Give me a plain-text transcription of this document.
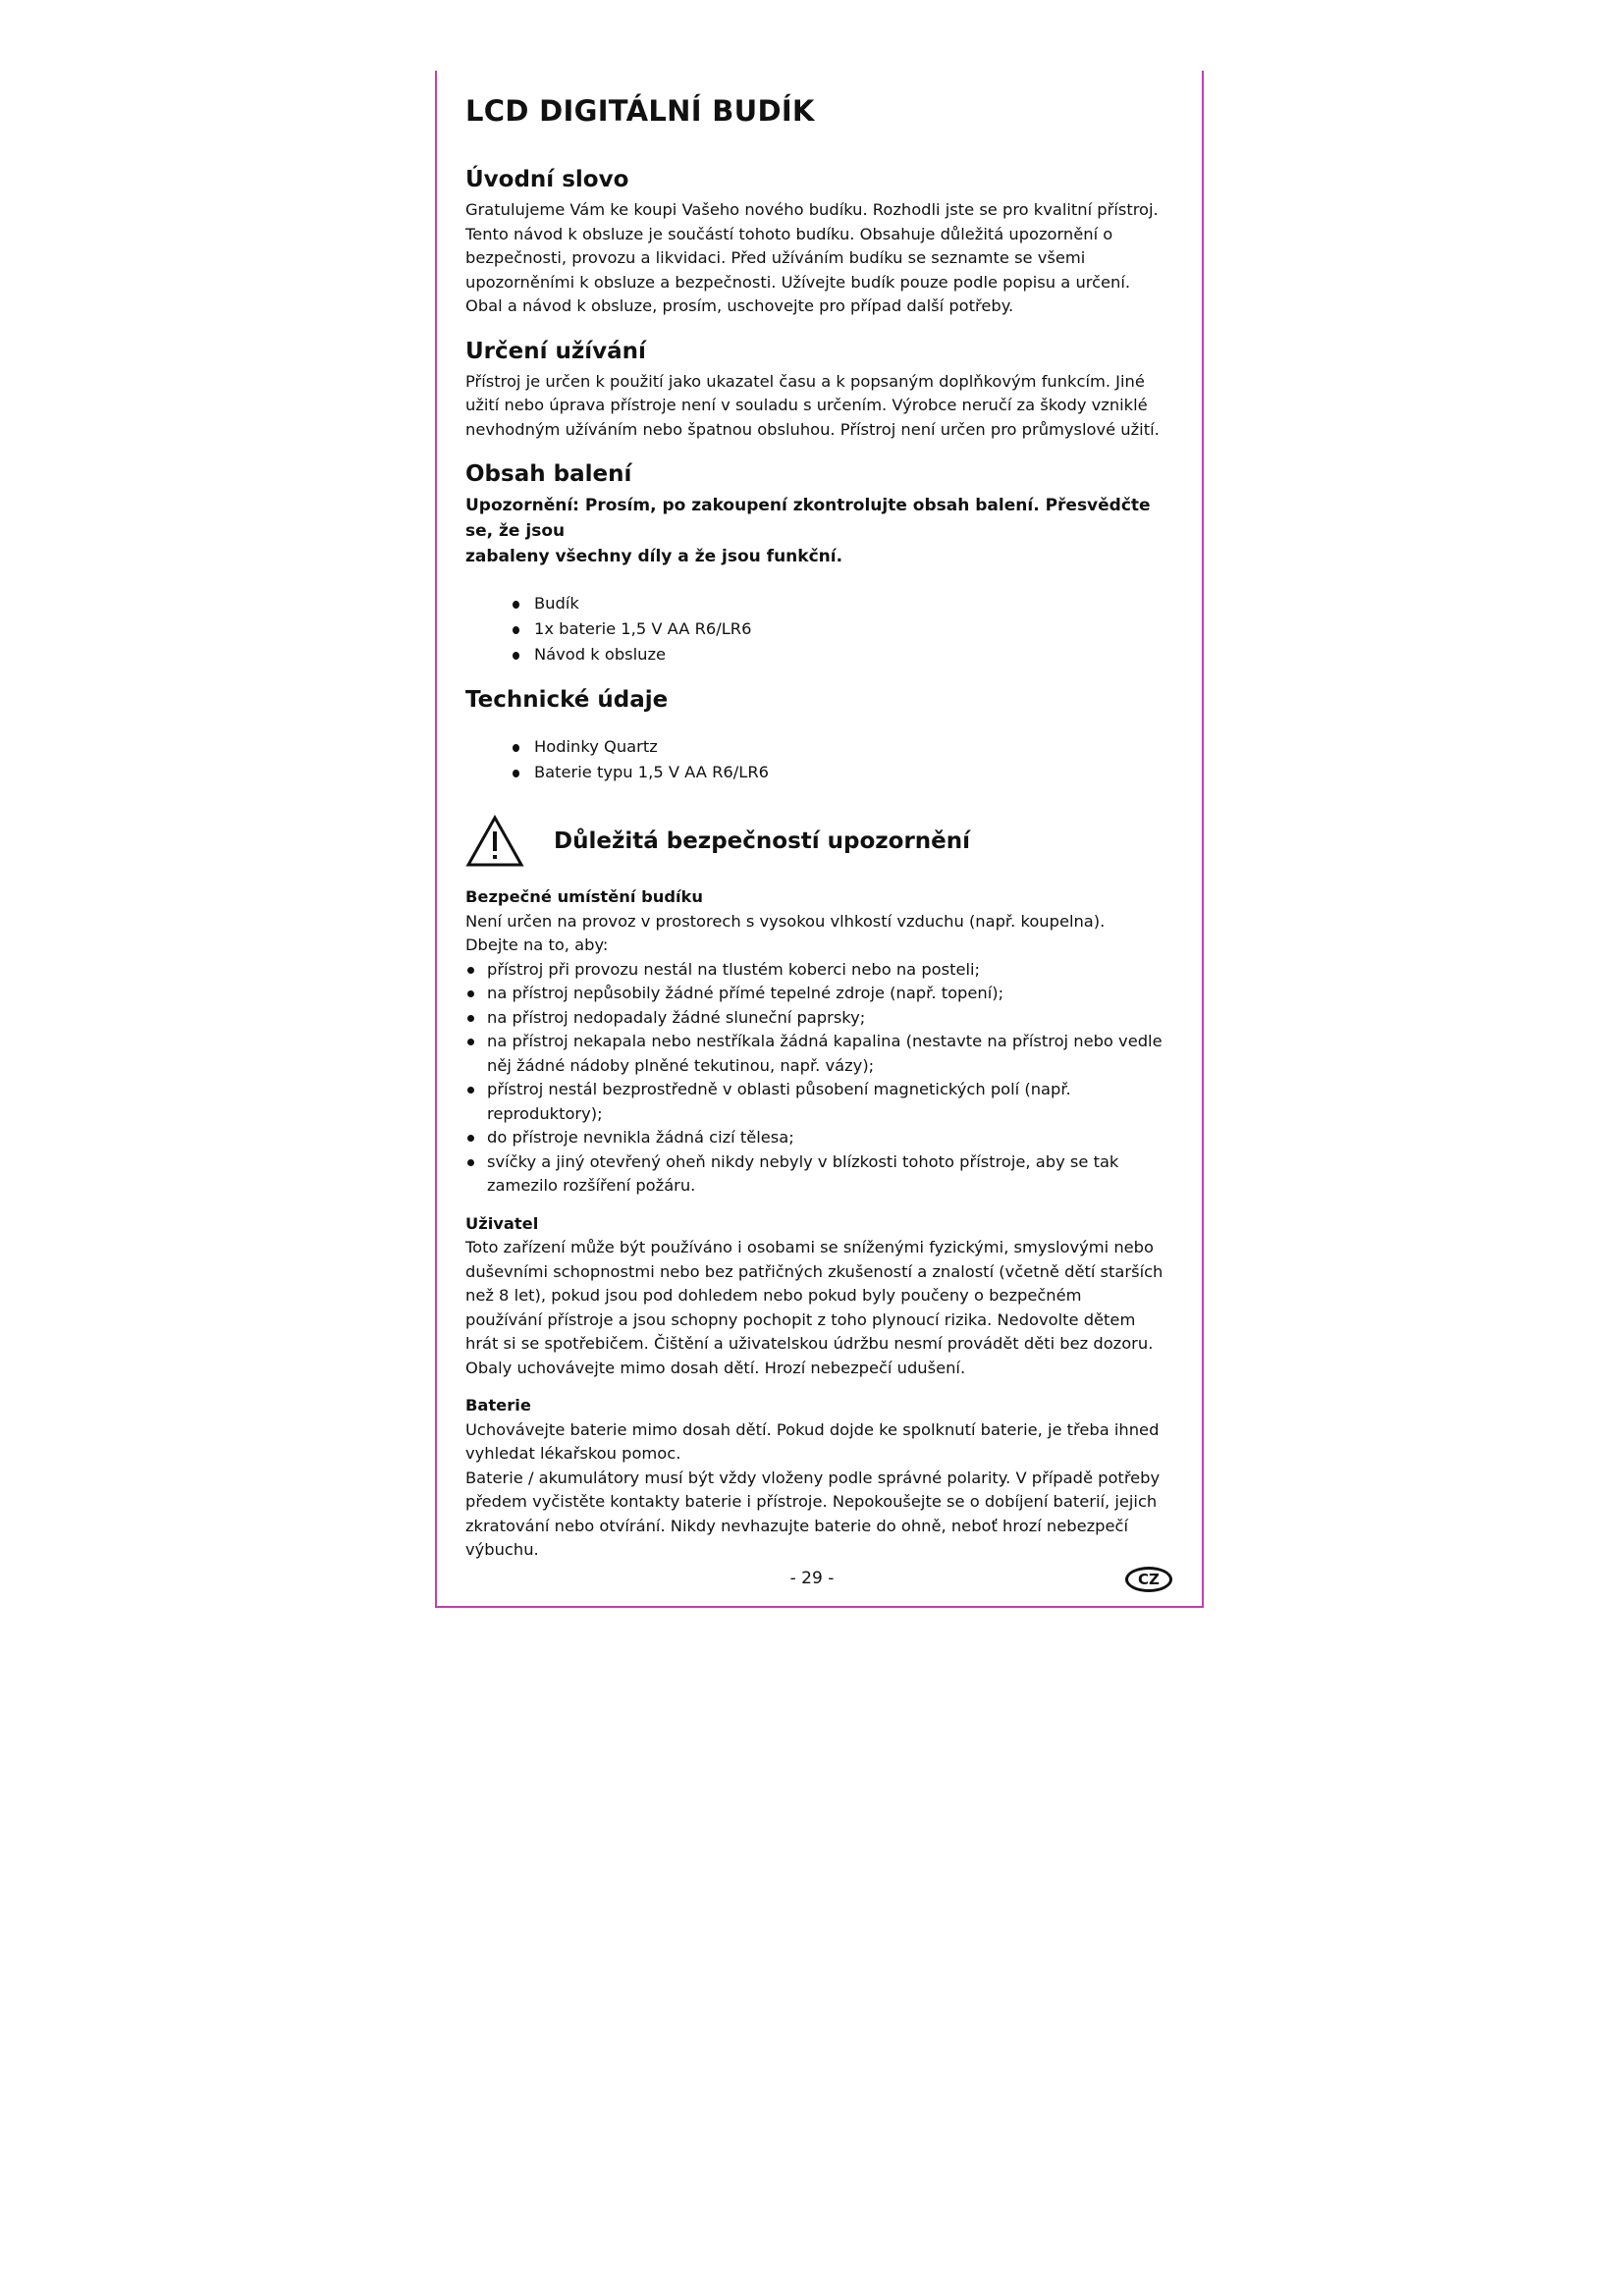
LCD DIGITÁLNÍ BUDÍK
Úvodní slovo

Gratulujeme Vám ke koupi Vašeho nového budíku. Rozhodli jste se pro kvalitní přístroj.

Tento návod k obsluze je součástí tohoto budíku. Obsahuje důležitá upozornění o

bezpečnosti, provozu a likvidaci. Před užíváním budíku se seznamte se všemi

upozorněními k obsluze a bezpečnosti. Užívejte budík pouze podle popisu a určení.

Obal a návod k obsluze, prosím, uschovejte pro případ další potřeby.

Určení užívání

Přístroj je určen k použití jako ukazatel času a k popsaným doplňkovým funkcím. Jiné

užití nebo úprava přístroje není v souladu s určením. Výrobce neručí za škody vzniklé

nevhodným užíváním nebo špatnou obsluhou. Přístroj není určen pro průmyslové užití.

Obsah balení

Upozornění: Prosím, po zakoupení zkontrolujte obsah balení. Přesvědčte se, že jsou

zabaleny všechny díly a že jsou funkční.

Budík
1x baterie 1,5 V AA R6/LR6
Návod k obsluze
Technické údaje
Hodinky Quartz
Baterie typu 1,5 V AA R6/LR6
Důležitá bezpečností upozornění

Bezpečné umístění budíku

Není určen na provoz v prostorech s vysokou vlhkostí vzduchu (např. koupelna).

Dbejte na to, aby:

přístroj při provozu nestál na tlustém koberci nebo na posteli;
na přístroj nepůsobily žádné přímé tepelné zdroje (např. topení);
na přístroj nedopadaly žádné sluneční paprsky;
na přístroj nekapala nebo nestříkala žádná kapalina (nestavte na přístroj nebo vedle něj žádné nádoby plněné tekutinou, např. vázy);
přístroj nestál bezprostředně v oblasti působení magnetických polí (např. reproduktory);
do přístroje nevnikla žádná cizí tělesa;
svíčky a jiný otevřený oheň nikdy nebyly v blízkosti tohoto přístroje, aby se tak zamezilo rozšíření požáru.

Uživatel

Toto zařízení může být používáno i osobami se sníženými fyzickými, smyslovými nebo

duševními schopnostmi nebo bez patřičných zkušeností a znalostí (včetně dětí starších

než 8 let), pokud jsou pod dohledem nebo pokud byly poučeny o bezpečném

používání přístroje a jsou schopny pochopit z toho plynoucí rizika. Nedovolte dětem

hrát si se spotřebičem. Čištění a uživatelskou údržbu nesmí provádět děti bez dozoru.

Obaly uchovávejte mimo dosah dětí. Hrozí nebezpečí udušení.

Baterie

Uchovávejte baterie mimo dosah dětí. Pokud dojde ke spolknutí baterie, je třeba ihned

vyhledat lékařskou pomoc.

Baterie / akumulátory musí být vždy vloženy podle správné polarity. V případě potřeby

předem vyčistěte kontakty baterie i přístroje. Nepokoušejte se o dobíjení baterií, jejich

zkratování nebo otvírání. Nikdy nevhazujte baterie do ohně, neboť hrozí nebezpečí

výbuchu.

- 29 -	CZ
